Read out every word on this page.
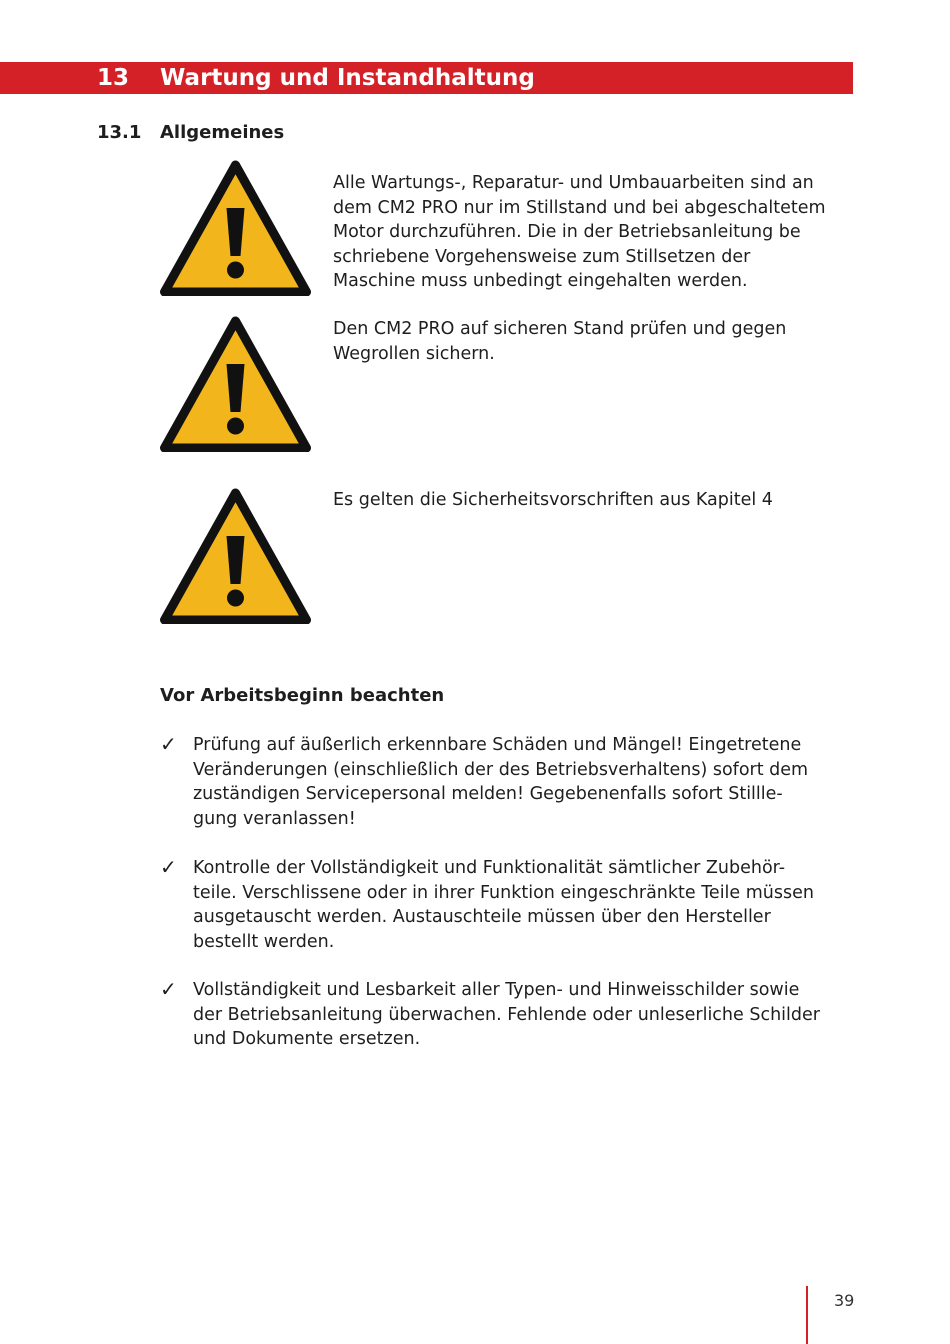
13 Wartung und Instandhaltung
13.1 Allgemeines

Alle Wartungs-, Reparatur- und Umbauarbeiten sind an
dem CM2 PRO nur im Stillstand und bei abgeschaltetem
Motor durchzuführen. Die in der Betriebsanleitung be
schriebene Vorgehensweise zum Stillsetzen der
Maschine muss unbedingt eingehalten werden.

Den CM2 PRO auf sicheren Stand prüfen und gegen
Wegrollen sichern.

Es gelten die Sicherheitsvorschriften aus Kapitel 4

Vor Arbeitsbeginn beachten
✓ Prüfung auf äußerlich erkennbare Schäden und Mängel! Eingetretene
Veränderungen (einschließlich der des Betriebsverhaltens) sofort dem
zuständigen Servicepersonal melden! Gegebenenfalls sofort Stillle-
gung veranlassen!

✓ Kontrolle der Vollständigkeit und Funktionalität sämtlicher Zubehör-
teile. Verschlissene oder in ihrer Funktion eingeschränkte Teile müssen
ausgetauscht werden. Austauschteile müssen über den Hersteller
bestellt werden.

✓ Vollständigkeit und Lesbarkeit aller Typen- und Hinweisschilder sowie
der Betriebsanleitung überwachen. Fehlende oder unleserliche Schilder
und Dokumente ersetzen.

39
